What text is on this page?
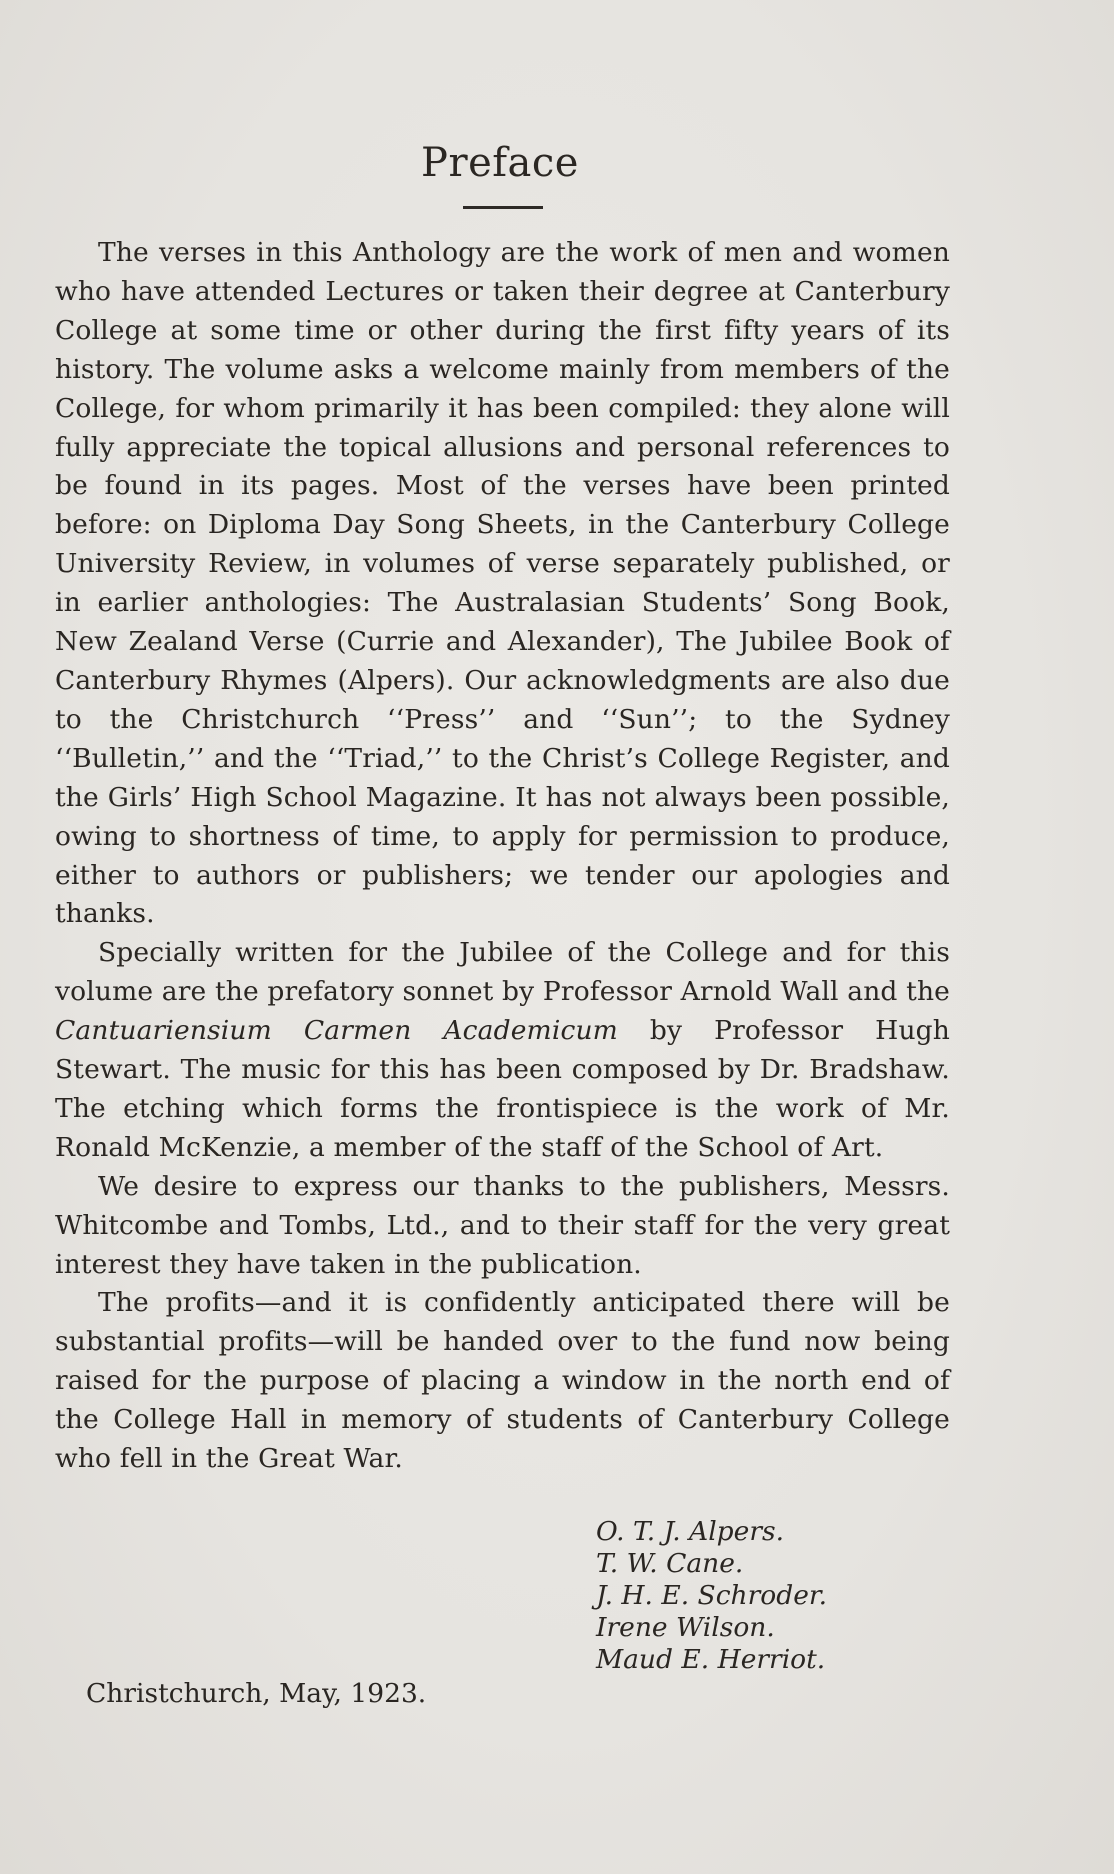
Preface

The verses in this Anthology are the work of men and women who have attended Lectures or taken their degree at Canterbury College at some time or other during the first fifty years of its history. The volume asks a welcome mainly from members of the College, for whom primarily it has been compiled: they alone will fully appreciate the topical allusions and personal references to be found in its pages. Most of the verses have been printed before: on Diploma Day Song Sheets, in the Canterbury College University Review, in volumes of verse separately published, or in earlier anthologies: The Australasian Students’ Song Book, New Zealand Verse (Currie and Alexander), The Jubilee Book of Canterbury Rhymes (Alpers). Our acknowledgments are also due to the Christchurch ‘‘Press’’ and ‘‘Sun’’; to the Sydney ‘‘Bulletin,’’ and the ‘‘Triad,’’ to the Christ’s College Register, and the Girls’ High School Magazine. It has not always been possible, owing to shortness of time, to apply for permission to produce, either to authors or publishers; we tender our apologies and thanks.

Specially written for the Jubilee of the College and for this volume are the prefatory sonnet by Professor Arnold Wall and the Cantuariensium Carmen Academicum by Professor Hugh Stewart. The music for this has been composed by Dr. Bradshaw. The etching which forms the frontispiece is the work of Mr. Ronald McKenzie, a member of the staff of the School of Art.

We desire to express our thanks to the publishers, Messrs. Whitcombe and Tombs, Ltd., and to their staff for the very great interest they have taken in the publication.

The profits—and it is confidently anticipated there will be substantial profits—will be handed over to the fund now being raised for the purpose of placing a window in the north end of the College Hall in memory of students of Canterbury College who fell in the Great War.

O. T. J. Alpers.
T. W. Cane.
J. H. E. Schroder.
Irene Wilson.
Maud E. Herriot.
Christchurch, May, 1923.
